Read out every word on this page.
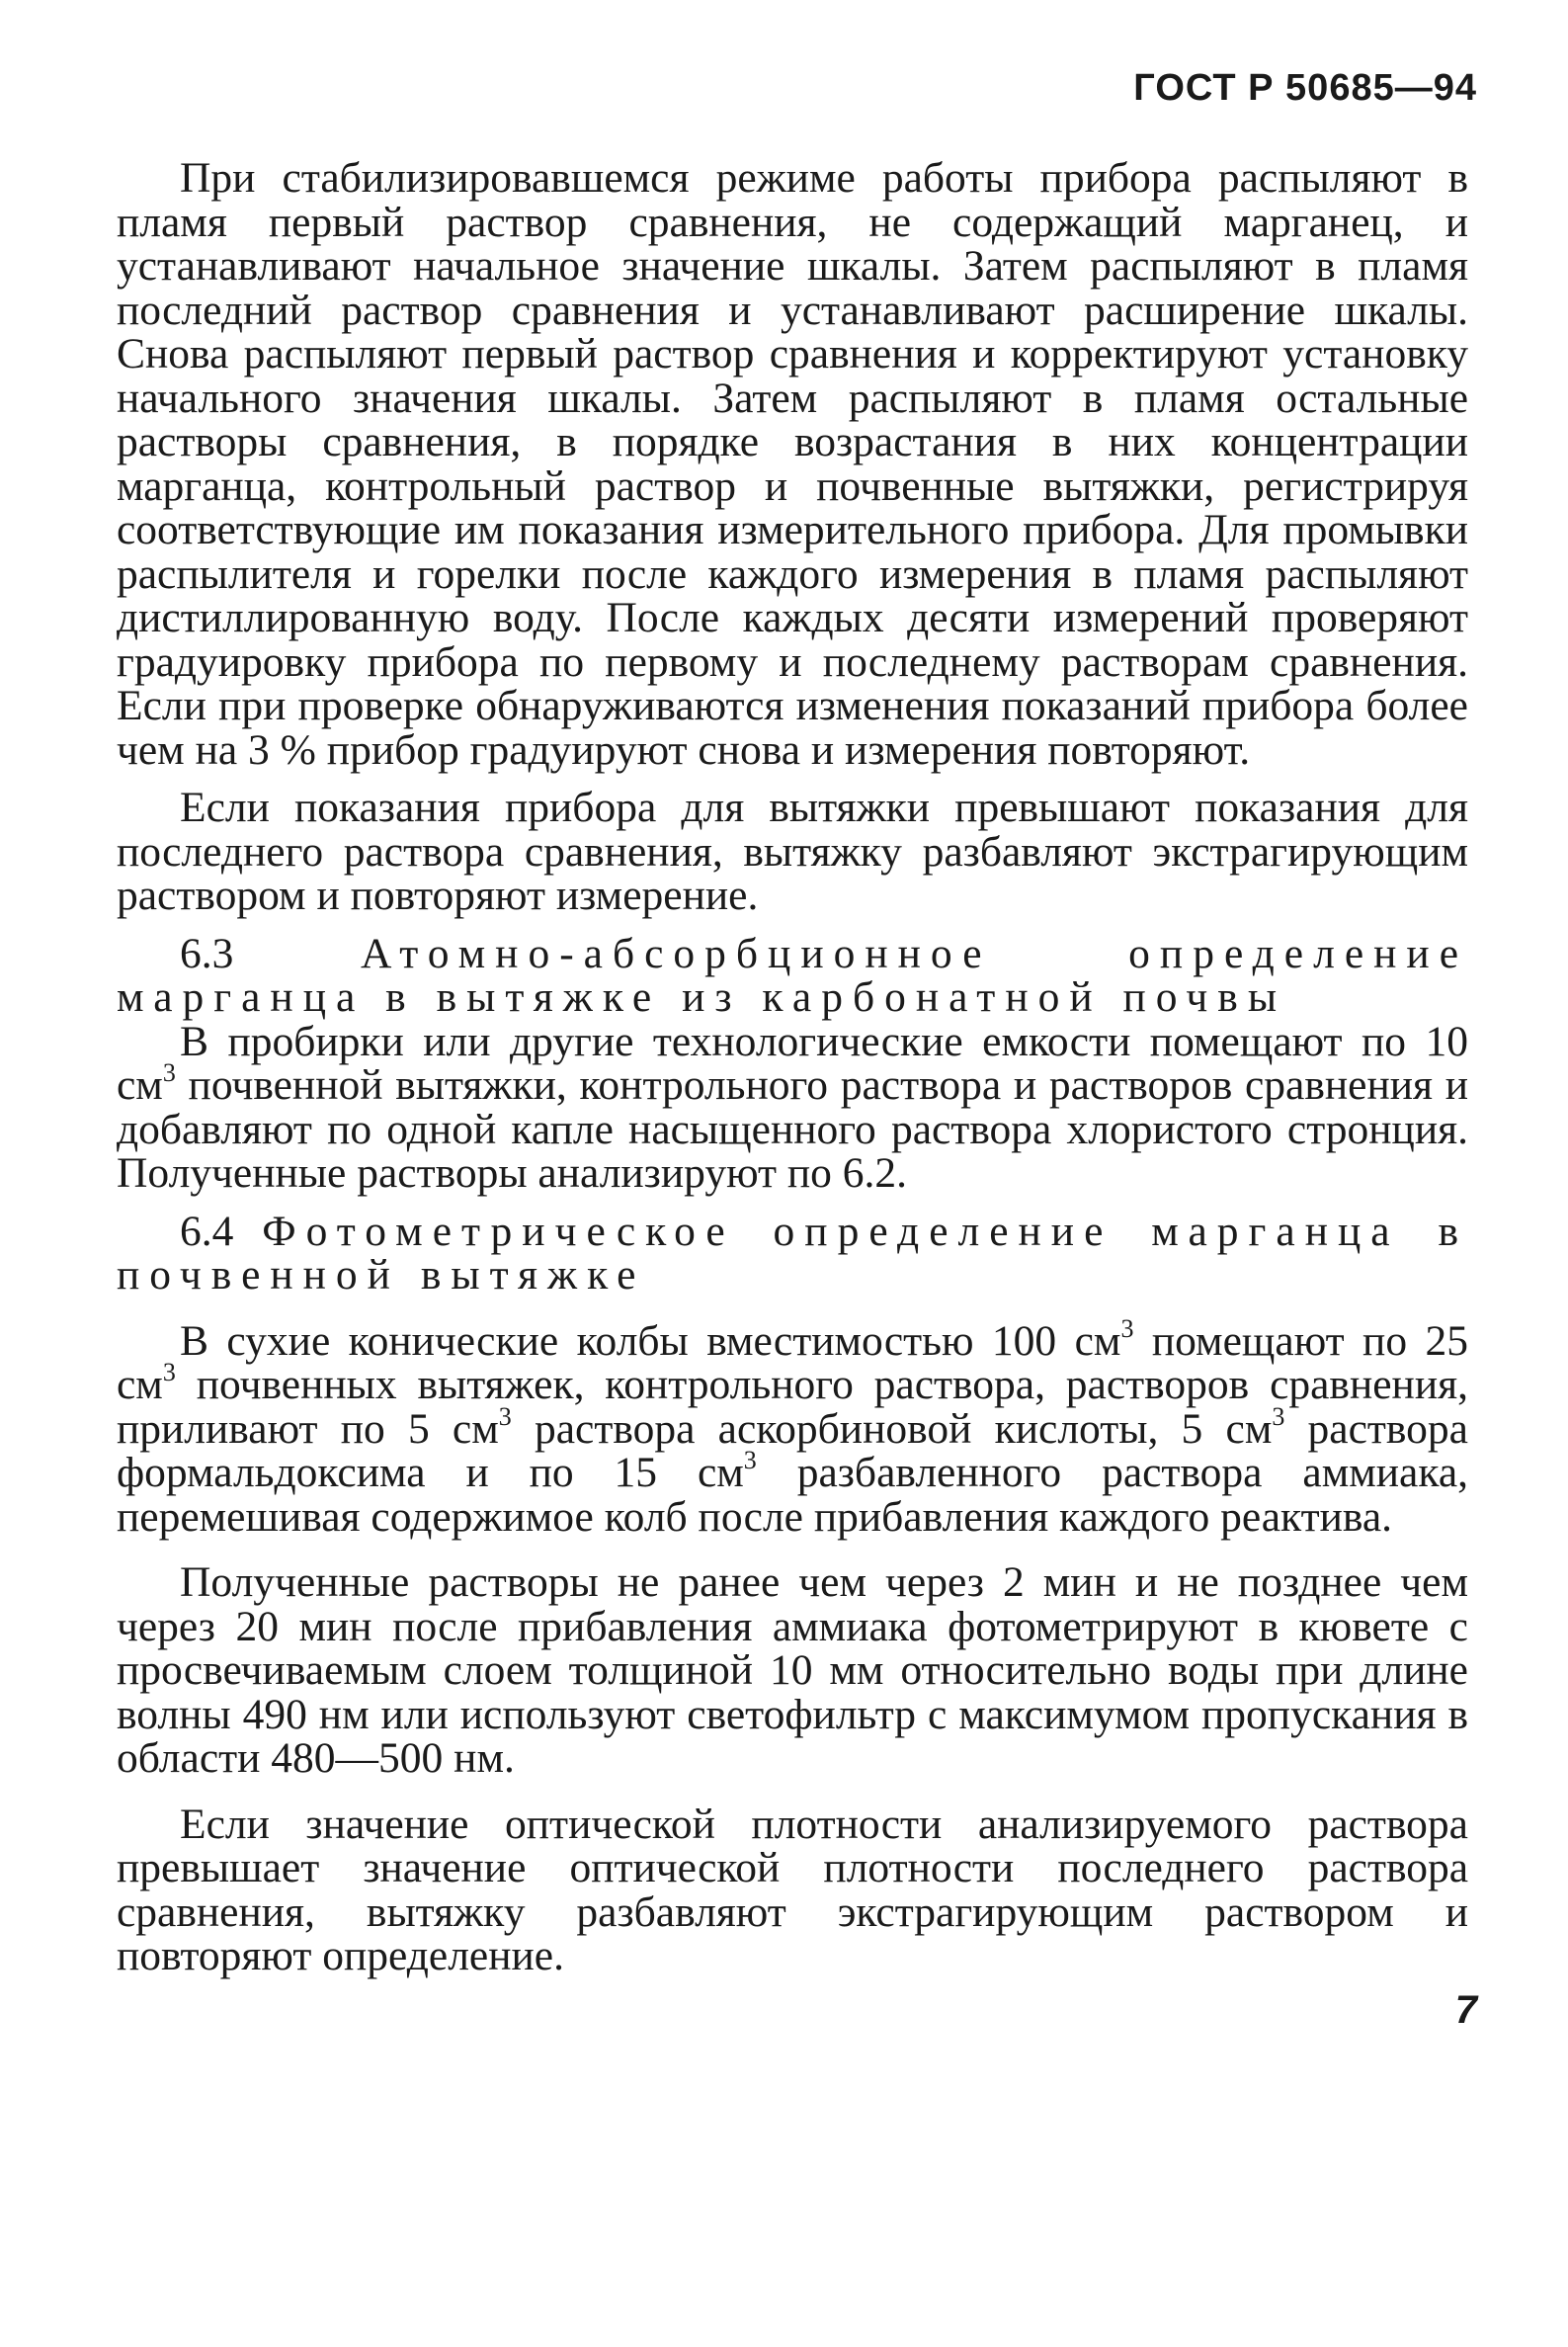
ГОСТ Р 50685—94

При стабилизировавшемся режиме работы прибора распыляют в пламя первый раствор сравнения, не содержащий марганец, и устанавливают начальное значение шкалы. Затем распыляют в пламя последний раствор сравнения и устанавливают расширение шкалы. Снова распыляют первый раствор сравнения и корректируют установку начального значения шкалы. Затем распыляют в пламя остальные растворы сравнения, в порядке возрастания в них концентрации марганца, контрольный раствор и почвенные вытяжки, регистрируя соответствующие им показания измерительного прибора. Для промывки распылителя и горелки после каждого измерения в пламя распыляют дистиллированную воду. После каждых десяти измерений проверяют градуировку прибора по первому и последнему растворам сравнения. Если при проверке обнаруживаются изменения показаний прибора более чем на 3 % прибор градуируют снова и измерения повторяют.

Если показания прибора для вытяжки превышают показания для последнего раствора сравнения, вытяжку разбавляют экстрагирующим раствором и повторяют измерение.

6.3	Атомно-абсорбционное определение марганца в вытяжке из карбонатной почвы

В пробирки или другие технологические емкости помещают по 10 $см^3$ почвенной вытяжки, контрольного раствора и растворов сравнения и добавляют по одной капле насыщенного раствора хлористого стронция. Полученные растворы анализируют по 6.2.

6.4 Фотометрическое определение марганца в почвенной вытяжке

В сухие конические колбы вместимостью 100 $см^3$ помещают по 25 $см^3$ почвенных вытяжек, контрольного раствора, растворов сравнения, приливают по 5 $см^3$ раствора аскорбиновой кислоты, 5 $см^3$ раствора формальдоксима и по 15 $см^3$ разбавленного раствора аммиака, перемешивая содержимое колб после прибавления каждого реактива.

Полученные растворы не ранее чем через 2 мин и не позднее чем через 20 мин после прибавления аммиака фотометрируют в кювете с просвечиваемым слоем толщиной 10 мм относительно воды при длине волны 490 нм или используют светофильтр с максимумом пропускания в области 480—500 нм.

Если значение оптической плотности анализируемого раствора превышает значение оптической плотности последнего раствора сравнения, вытяжку разбавляют экстрагирующим раствором и повторяют определение.

7
